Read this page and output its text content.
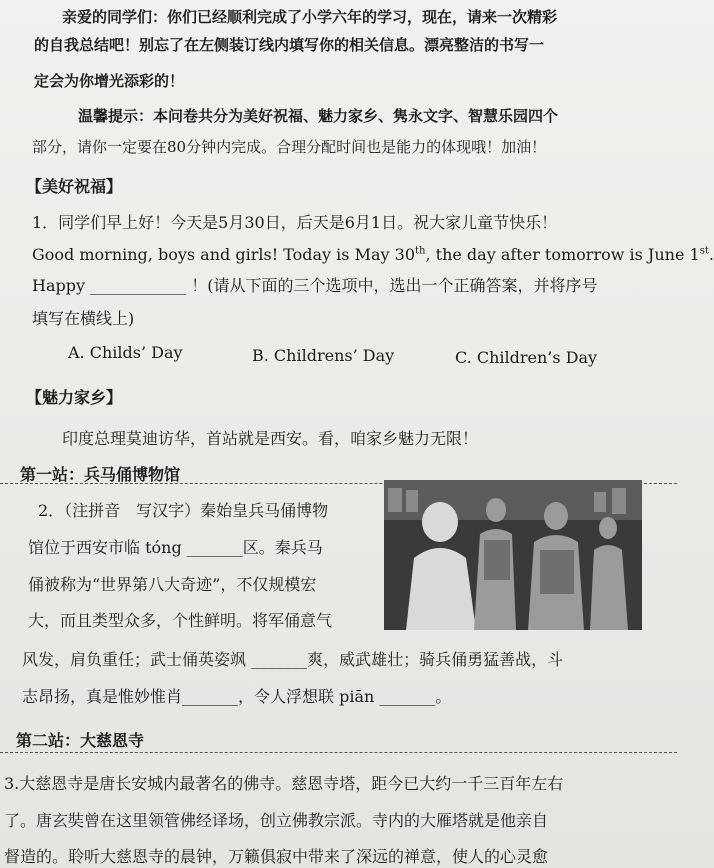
亲爱的同学们：你们已经顺利完成了小学六年的学习，现在，请来一次精彩
的自我总结吧！别忘了在左侧装订线内填写你的相关信息。漂亮整洁的书写一
定会为你增光添彩的！
温馨提示：本问卷共分为美好祝福、魅力家乡、隽永文字、智慧乐园四个
部分，请你一定要在80分钟内完成。合理分配时间也是能力的体现哦！加油！
【美好祝福】
1．同学们早上好！今天是5月30日，后天是6月1日。祝大家儿童节快乐！
Good morning, boys and girls! Today is May 30th, the day after tomorrow is June 1st.
Happy ____________ ！(请从下面的三个选项中，选出一个正确答案，并将序号
填写在横线上)
A. Childs’ Day	B. Childrens’ Day	C. Children’s Day
【魅力家乡】
印度总理莫迪访华，首站就是西安。看，咱家乡魅力无限！
第一站：兵马俑博物馆
2．（注拼音　写汉字）秦始皇兵马俑博物
馆位于西安市临 tóng _______区。秦兵马
俑被称为“世界第八大奇迹”，不仅规模宏
大，而且类型众多，个性鲜明。将军俑意气
风发，肩负重任；武士俑英姿飒 _______爽，威武雄壮；骑兵俑勇猛善战，斗
志昂扬，真是惟妙惟肖_______，令人浮想联 piān _______。
第二站：大慈恩寺
3.大慈恩寺是唐长安城内最著名的佛寺。慈恩寺塔，距今已大约一千三百年左右
了。唐玄奘曾在这里领管佛经译场，创立佛教宗派。寺内的大雁塔就是他亲自
督造的。聆听大慈恩寺的晨钟，万籁俱寂中带来了深远的禅意，使人的心灵愈
